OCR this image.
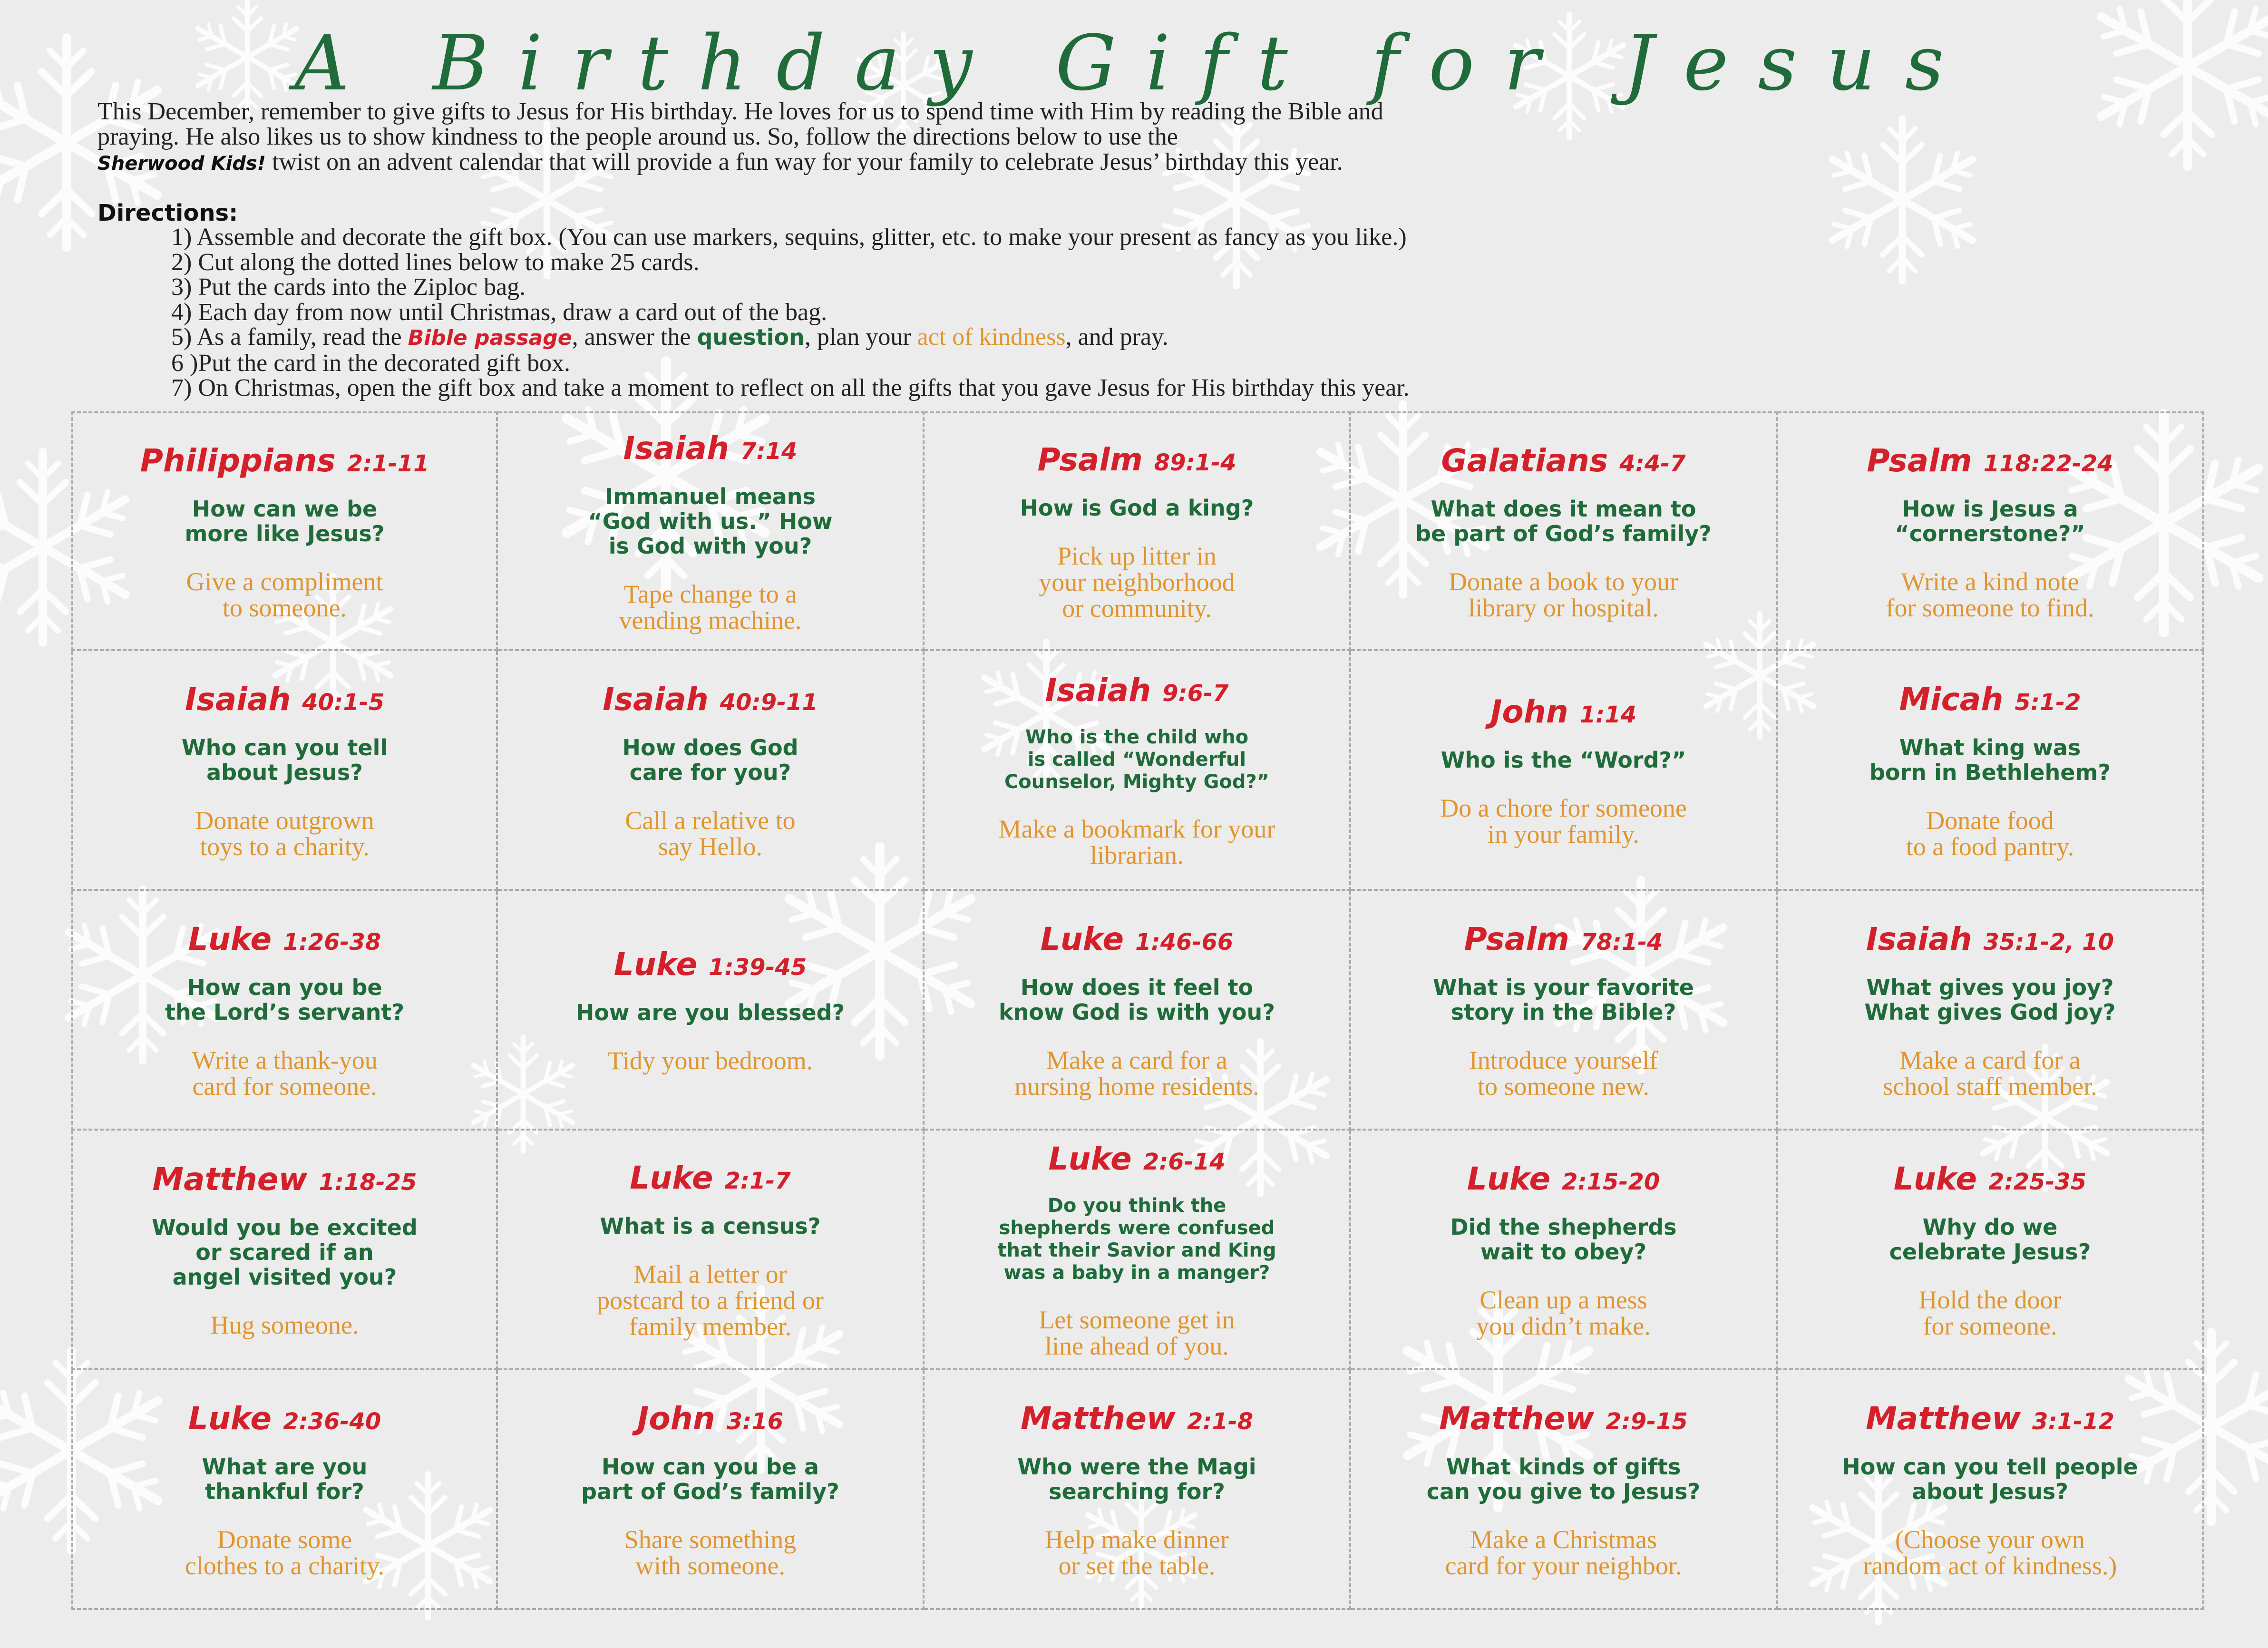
A Birthday Gift for Jesus

This December, remember to give gifts to Jesus for His birthday. He loves for us to spend time with Him by reading the Bible and

praying. He also likes us to show kindness to the people around us. So, follow the directions below to use the

Sherwood Kids! twist on an advent calendar that will provide a fun way for your family to celebrate Jesus’ birthday this year.

Directions:
1) Assemble and decorate the gift box. (You can use markers, sequins, glitter, etc. to make your present as fancy as you like.)
2) Cut along the dotted lines below to make 25 cards.
3) Put the cards into the Ziploc bag.
4) Each day from now until Christmas, draw a card out of the bag.
5) As a family, read the Bible passage, answer the question, plan your act of kindness, and pray.
6 )Put the card in the decorated gift box.
7) On Christmas, open the gift box and take a moment to reflect on all the gifts that you gave Jesus for His birthday this year.
Philippians 2:1-11
How can we be
more like Jesus?
Give a compliment
to someone.
Isaiah 7:14
Immanuel means
“God with us.” How
is God with you?
Tape change to a
vending machine.
Psalm 89:1-4
How is God a king?
Pick up litter in
your neighborhood
or community.
Galatians 4:4-7
What does it mean to
be part of God’s family?
Donate a book to your
library or hospital.
Psalm 118:22-24
How is Jesus a
“cornerstone?”
Write a kind note
for someone to find.
Isaiah 40:1-5
Who can you tell
about Jesus?
Donate outgrown
toys to a charity.
Isaiah 40:9-11
How does God
care for you?
Call a relative to
say Hello.
Isaiah 9:6-7
Who is the child who
is called “Wonderful
Counselor, Mighty God?”
Make a bookmark for your
librarian.
John 1:14
Who is the “Word?”
Do a chore for someone
in your family.
Micah 5:1-2
What king was
born in Bethlehem?
Donate food
to a food pantry.
Luke 1:26-38
How can you be
the Lord’s servant?
Write a thank-you
card for someone.
Luke 1:39-45
How are you blessed?
Tidy your bedroom.
Luke 1:46-66
How does it feel to
know God is with you?
Make a card for a
nursing home residents.
Psalm 78:1-4
What is your favorite
story in the Bible?
Introduce yourself
to someone new.
Isaiah 35:1-2, 10
What gives you joy?
What gives God joy?
Make a card for a
school staff member.
Matthew 1:18-25
Would you be excited
or scared if an
angel visited you?
Hug someone.
Luke 2:1-7
What is a census?
Mail a letter or
postcard to a friend or
family member.
Luke 2:6-14
Do you think the
shepherds were confused
that their Savior and King
was a baby in a manger?
Let someone get in
line ahead of you.
Luke 2:15-20
Did the shepherds
wait to obey?
Clean up a mess
you didn’t make.
Luke 2:25-35
Why do we
celebrate Jesus?
Hold the door
for someone.
Luke 2:36-40
What are you
thankful for?
Donate some
clothes to a charity.
John 3:16
How can you be a
part of God’s family?
Share something
with someone.
Matthew 2:1-8
Who were the Magi
searching for?
Help make dinner
or set the table.
Matthew 2:9-15
What kinds of gifts
can you give to Jesus?
Make a Christmas
card for your neighbor.
Matthew 3:1-12
How can you tell people
about Jesus?
(Choose your own
random act of kindness.)
